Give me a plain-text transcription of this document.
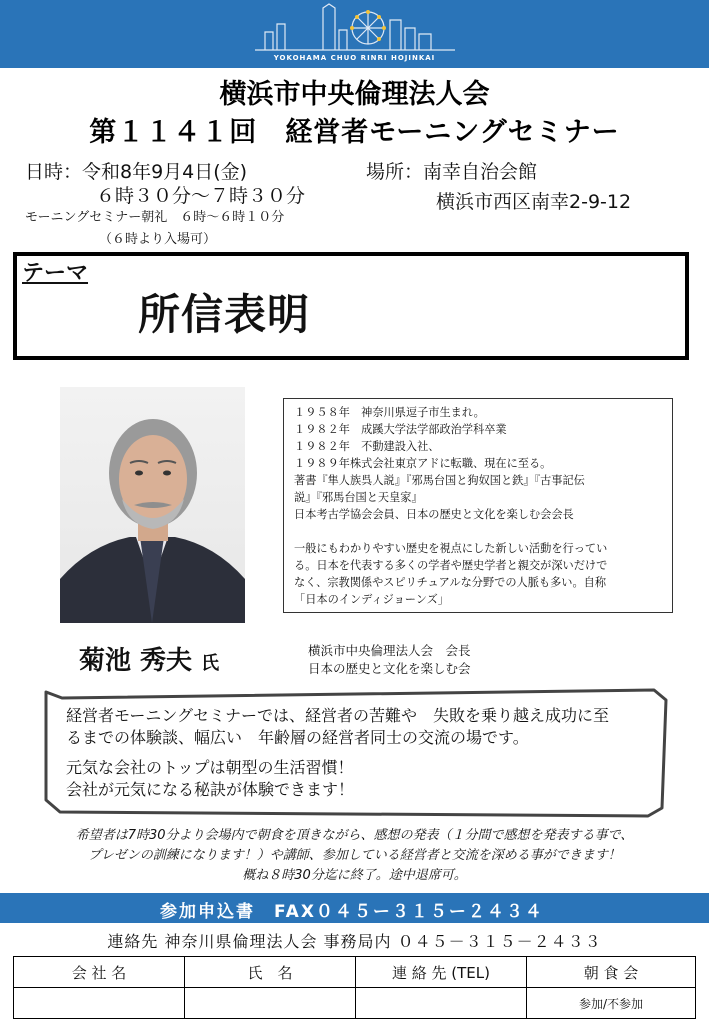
YOKOHAMA CHUO RINRI HOJINKAI
横浜市中央倫理法人会
第１１４１回　経営者モーニングセミナー
日時：令和8年9月4日(金)
６時３０分～７時３０分
モーニングセミナー朝礼　６時～６時１０分
（６時より入場可）
場所：南幸自治会館
横浜市西区南幸2-9-12
テーマ
所信表明
１９５８年　神奈川県逗子市生まれ。
１９８２年　成蹊大学法学部政治学科卒業
１９８２年　不動建設入社、
１９８９年株式会社東京アドに転職、現在に至る。
著書『隼人族呉人説』『邪馬台国と狗奴国と鉄』『古事記伝
説』『邪馬台国と天皇家』
日本考古学協会会員、日本の歴史と文化を楽しむ会会長
一般にもわかりやすい歴史を視点にした新しい活動を行ってい
る。日本を代表する多くの学者や歴史学者と親交が深いだけで
なく、宗教関係やスピリチュアルな分野での人脈も多い。自称
「日本のインディジョーンズ」
菊池 秀夫 氏
横浜市中央倫理法人会　会長
日本の歴史と文化を楽しむ会
経営者モーニングセミナーでは、経営者の苦難や　失敗を乗り越え成功に至
るまでの体験談、幅広い　年齢層の経営者同士の交流の場です。
元気な会社のトップは朝型の生活習慣！
会社が元気になる秘訣が体験できます！
希望者は7時30分より会場内で朝食を頂きながら、感想の発表（１分間で感想を発表する事で、
プレゼンの訓練になります！）や講師、参加している経営者と交流を深める事ができます！
概ね８時30分迄に終了。途中退席可。
参加申込書　FAX０４５ー３１５ー２４３４
連絡先 神奈川県倫理法人会 事務局内 ０４５－３１５－２４３３
会 社 名	氏　名	連 絡 先 (TEL)	朝 食 会
			参加/不参加
